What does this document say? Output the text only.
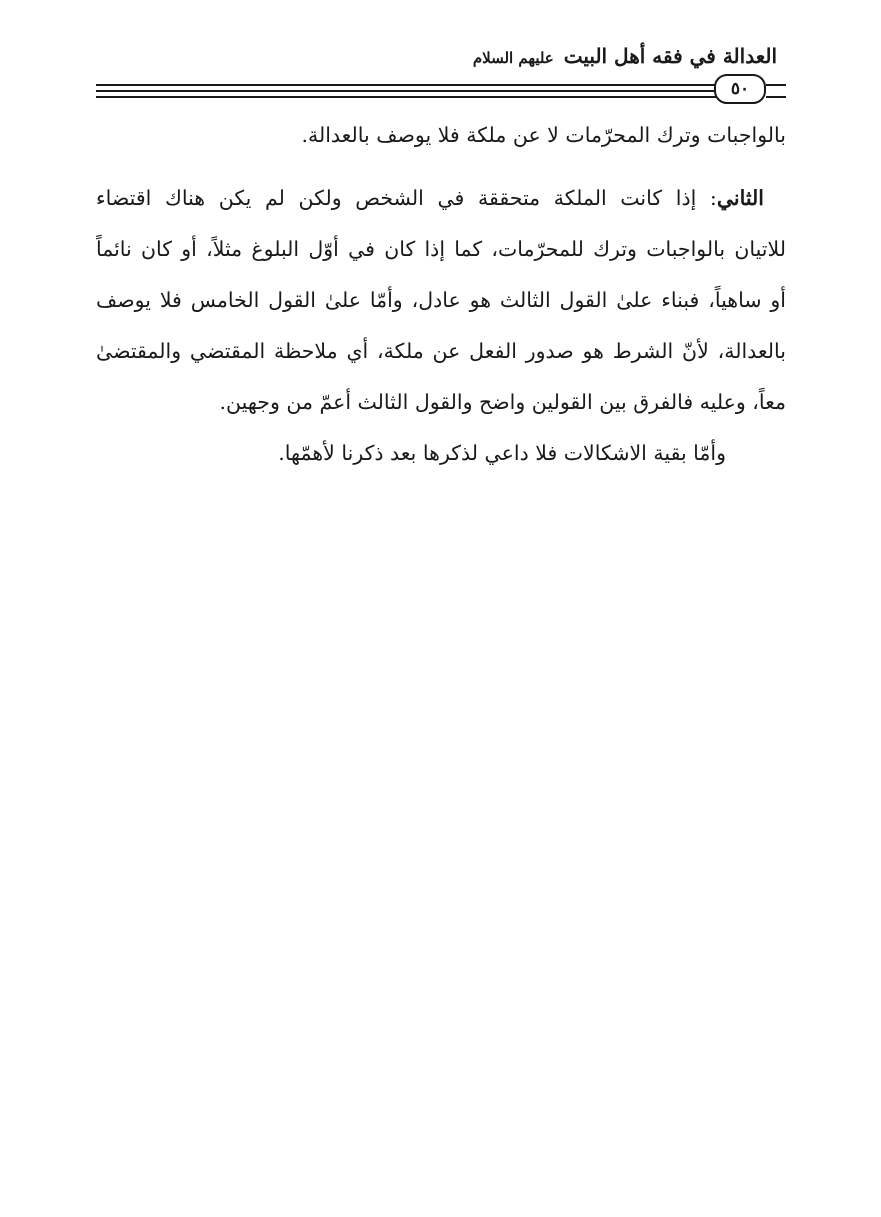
العدالة في فقه أهل البيت عليهم السلام
٥٠
بالواجبات وترك المحرّمات لا عن ملكة فلا يوصف بالعدالة.
الثاني: إذا كانت الملكة متحققة في الشخص ولكن لم يكن هناك اقتضاء
للاتيان بالواجبات وترك للمحرّمات، كما إذا كان في أوّل البلوغ مثلاً، أو كان نائماً
أو ساهياً، فبناء علىٰ القول الثالث هو عادل، وأمّا علىٰ القول الخامس فلا يوصف
بالعدالة، لأنّ الشرط هو صدور الفعل عن ملكة، أي ملاحظة المقتضي والمقتضىٰ
معاً، وعليه فالفرق بين القولين واضح والقول الثالث أعمّ من وجهين.
وأمّا بقية الاشكالات فلا داعي لذكرها بعد ذكرنا لأهمّها.
